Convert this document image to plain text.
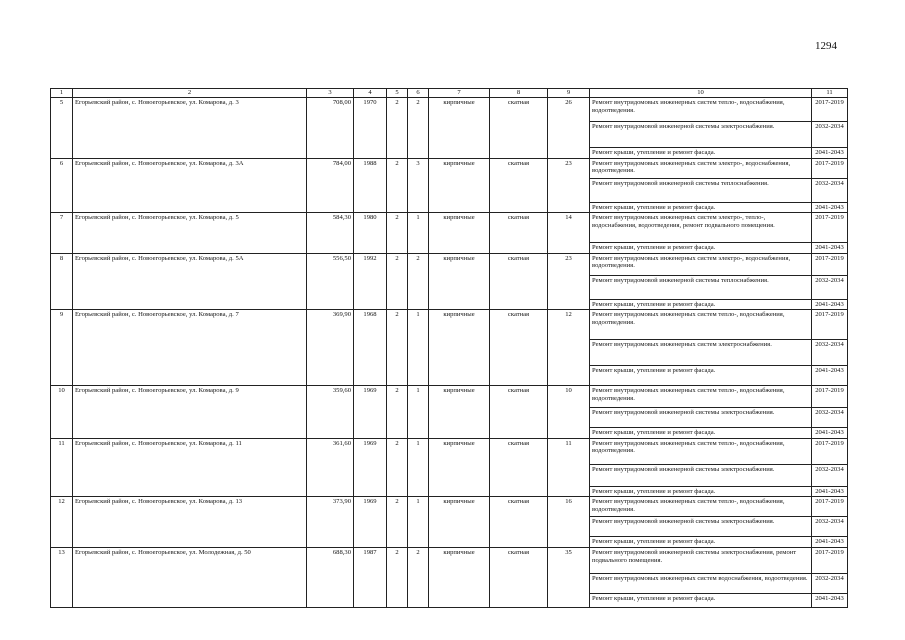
1294
1	2	3	4	5	6	7	8	9	10	11
5	Егорьевский район, с. Новоегорьевское, ул. Комарова, д. 3	708,00	1970	2	2	кирпичные	скатная	26	Ремонт внутридомовых инженерных систем тепло-, водоснабжения, водоотведения.	2017-2019
									Ремонт внутридомовой инженерной системы электроснабжения.	2032-2034
									Ремонт крыши, утепление и ремонт фасада.	2041-2043
6	Егорьевский район, с. Новоегорьевское, ул. Комарова, д. 3А	784,00	1988	2	3	кирпичные	скатная	23	Ремонт внутридомовых инженерных систем электро-, водоснабжения, водоотведения.	2017-2019
									Ремонт внутридомовой инженерной системы теплоснабжения.	2032-2034
									Ремонт крыши, утепление и ремонт фасада.	2041-2043
7	Егорьевский район, с. Новоегорьевское, ул. Комарова, д. 5	584,30	1980	2	1	кирпичные	скатная	14	Ремонт внутридомовых инженерных систем электро-, тепло-, водоснабжения, водоотведения, ремонт подвального помещения.	2017-2019
									Ремонт крыши, утепление и ремонт фасада.	2041-2043
8	Егорьевский район, с. Новоегорьевское, ул. Комарова, д. 5А	556,50	1992	2	2	кирпичные	скатная	23	Ремонт внутридомовых инженерных систем электро-, водоснабжения, водоотведения.	2017-2019
									Ремонт внутридомовой инженерной системы теплоснабжения.	2032-2034
									Ремонт крыши, утепление и ремонт фасада.	2041-2043
9	Егорьевский район, с. Новоегорьевское, ул. Комарова, д. 7	369,90	1968	2	1	кирпичные	скатная	12	Ремонт внутридомовых инженерных систем тепло-, водоснабжения, водоотведения.	2017-2019
									Ремонт внутридомовых инженерных систем электроснабжения.	2032-2034
									Ремонт крыши, утепление и ремонт фасада.	2041-2043
10	Егорьевский район, с. Новоегорьевское, ул. Комарова, д. 9	359,60	1969	2	1	кирпичные	скатная	10	Ремонт внутридомовых инженерных систем тепло-, водоснабжения, водоотведения.	2017-2019
									Ремонт внутридомовой инженерной системы электроснабжения.	2032-2034
									Ремонт крыши, утепление и ремонт фасада.	2041-2043
11	Егорьевский район, с. Новоегорьевское, ул. Комарова, д. 11	361,60	1969	2	1	кирпичные	скатная	11	Ремонт внутридомовых инженерных систем тепло-, водоснабжения, водоотведения.	2017-2019
									Ремонт внутридомовой инженерной системы электроснабжения.	2032-2034
									Ремонт крыши, утепление и ремонт фасада.	2041-2043
12	Егорьевский район, с. Новоегорьевское, ул. Комарова, д. 13	373,90	1969	2	1	кирпичные	скатная	16	Ремонт внутридомовых инженерных систем тепло-, водоснабжения, водоотведения.	2017-2019
									Ремонт внутридомовой инженерной системы электроснабжения.	2032-2034
									Ремонт крыши, утепление и ремонт фасада.	2041-2043
13	Егорьевский район, с. Новоегорьевское, ул. Молодежная, д. 50	688,30	1987	2	2	кирпичные	скатная	35	Ремонт внутридомовой инженерной системы электроснабжения, ремонт подвального помещения.	2017-2019
									Ремонт внутридомовых инженерных систем водоснабжения, водоотведения.	2032-2034
									Ремонт крыши, утепление и ремонт фасада.	2041-2043
